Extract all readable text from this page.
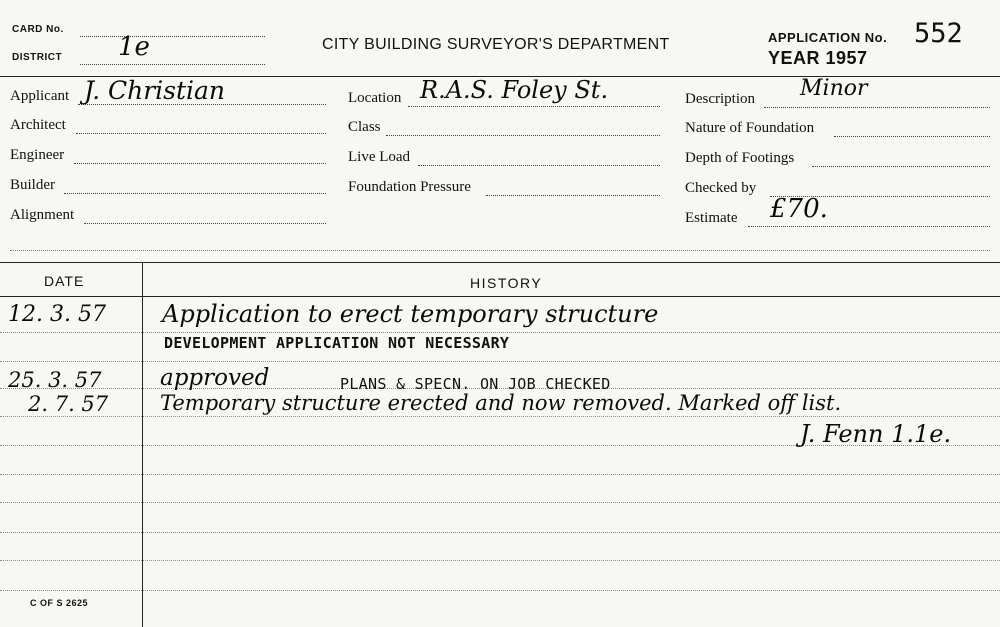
CARD No.
DISTRICT 1e	CITY BUILDING SURVEYOR'S DEPARTMENT	APPLICATION No. 552
YEAR 1957
Applicant J. Christian
Architect
Engineer
Builder
Alignment
Location R.A.S. Foley St.
Class
Live Load
Foundation Pressure
Description Minor
Nature of Foundation
Depth of Footings
Checked by
Estimate £70.
DATE	HISTORY
12. 3. 57 Application to erect temporary structure
DEVELOPMENT APPLICATION NOT NECESSARY
25. 3. 57	approved	PLANS & SPECN. ON JOB CHECKED
2. 7. 57 Temporary structure erected and now removed. Marked off list.
J. Fenn 1.1e.
C OF S 2625
